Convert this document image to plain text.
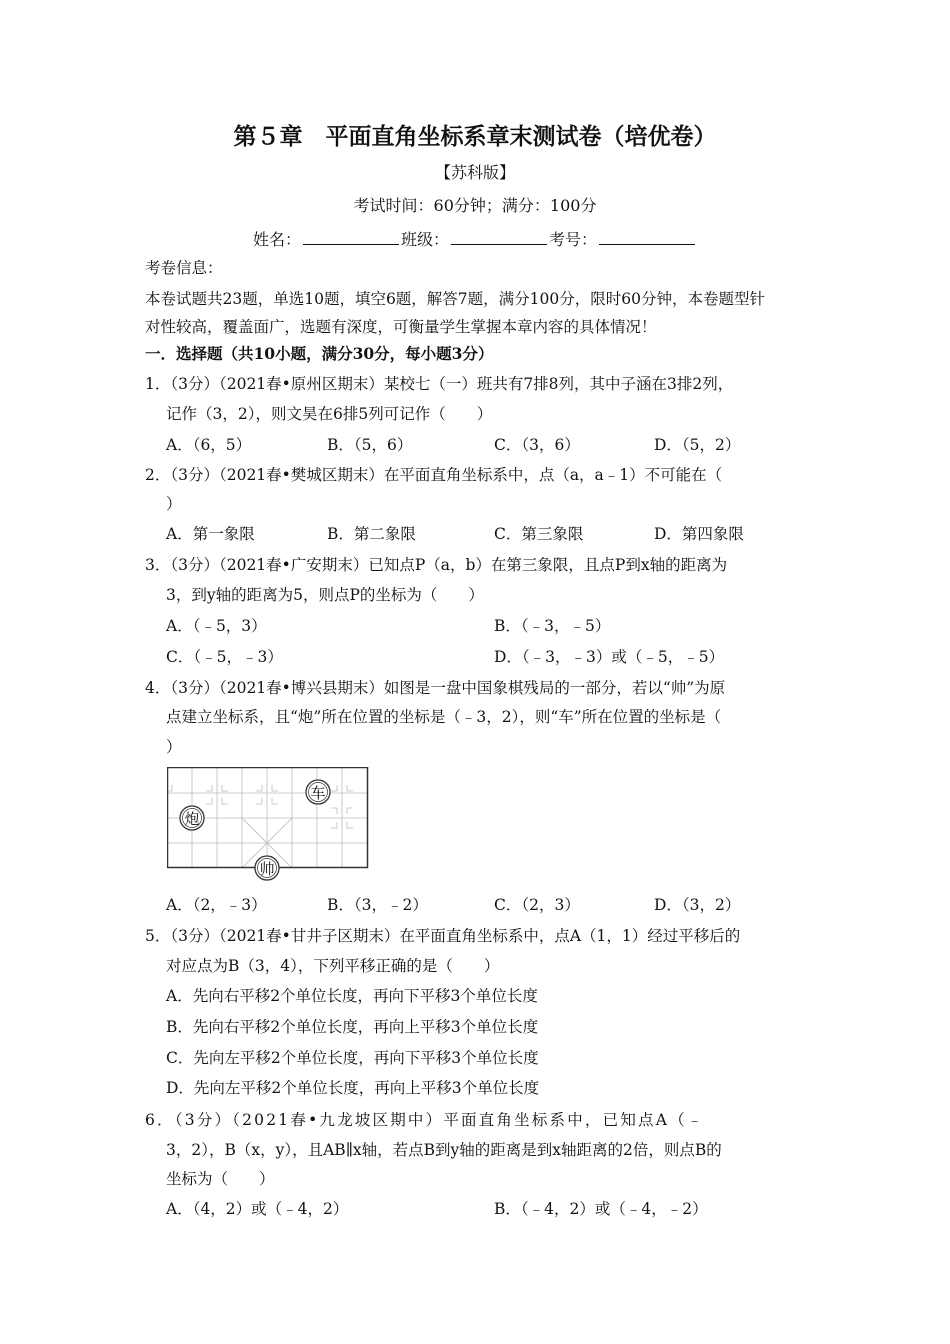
第５章　平面直角坐标系章末测试卷（培优卷）
【苏科版】
考试时间：60分钟；满分：100分
姓名：	班级：	考号：
考卷信息：
本卷试题共23题，单选10题，填空6题，解答7题，满分100分，限时60分钟，本卷题型针
对性较高，覆盖面广，选题有深度，可衡量学生掌握本章内容的具体情况！
一．选择题（共10小题，满分30分，每小题3分）
1．（3分）（2021春•原州区期末）某校七（一）班共有7排8列，其中子涵在3排2列，
记作（3，2），则文昊在6排5列可记作（　　）
A．（6，5）	B．（5，6）	C．（3，6）	D．（5，2）
2．（3分）（2021春•樊城区期末）在平面直角坐标系中，点（a，a﹣1）不可能在（
）
A．第一象限	B．第二象限	C．第三象限	D．第四象限
3．（3分）（2021春•广安期末）已知点P（a，b）在第三象限，且点P到x轴的距离为
3，到y轴的距离为5，则点P的坐标为（　　）
A．（﹣5，3）	B．（﹣3，﹣5）
C．（﹣5，﹣3）	D．（﹣3，﹣3）或（﹣5，﹣5）
4．（3分）（2021春•博兴县期末）如图是一盘中国象棋残局的一部分，若以“帅”为原
点建立坐标系，且“炮”所在位置的坐标是（﹣3，2），则“车”所在位置的坐标是（
）
车
炮
帅
A．（2，﹣3）	B．（3，﹣2）	C．（2，3）	D．（3，2）
5．（3分）（2021春•甘井子区期末）在平面直角坐标系中，点A（1，1）经过平移后的
对应点为B（3，4），下列平移正确的是（　　）
A．先向右平移2个单位长度，再向下平移3个单位长度
B．先向右平移2个单位长度，再向上平移3个单位长度
C．先向左平移2个单位长度，再向下平移3个单位长度
D．先向左平移2个单位长度，再向上平移3个单位长度
6．（3分）（2021春•九龙坡区期中）平面直角坐标系中，已知点A（﹣
3，2），B（x，y），且AB∥x轴，若点B到y轴的距离是到x轴距离的2倍，则点B的
坐标为（　　）
A．（4，2）或（﹣4，2）	B．（﹣4，2）或（﹣4，﹣2）
